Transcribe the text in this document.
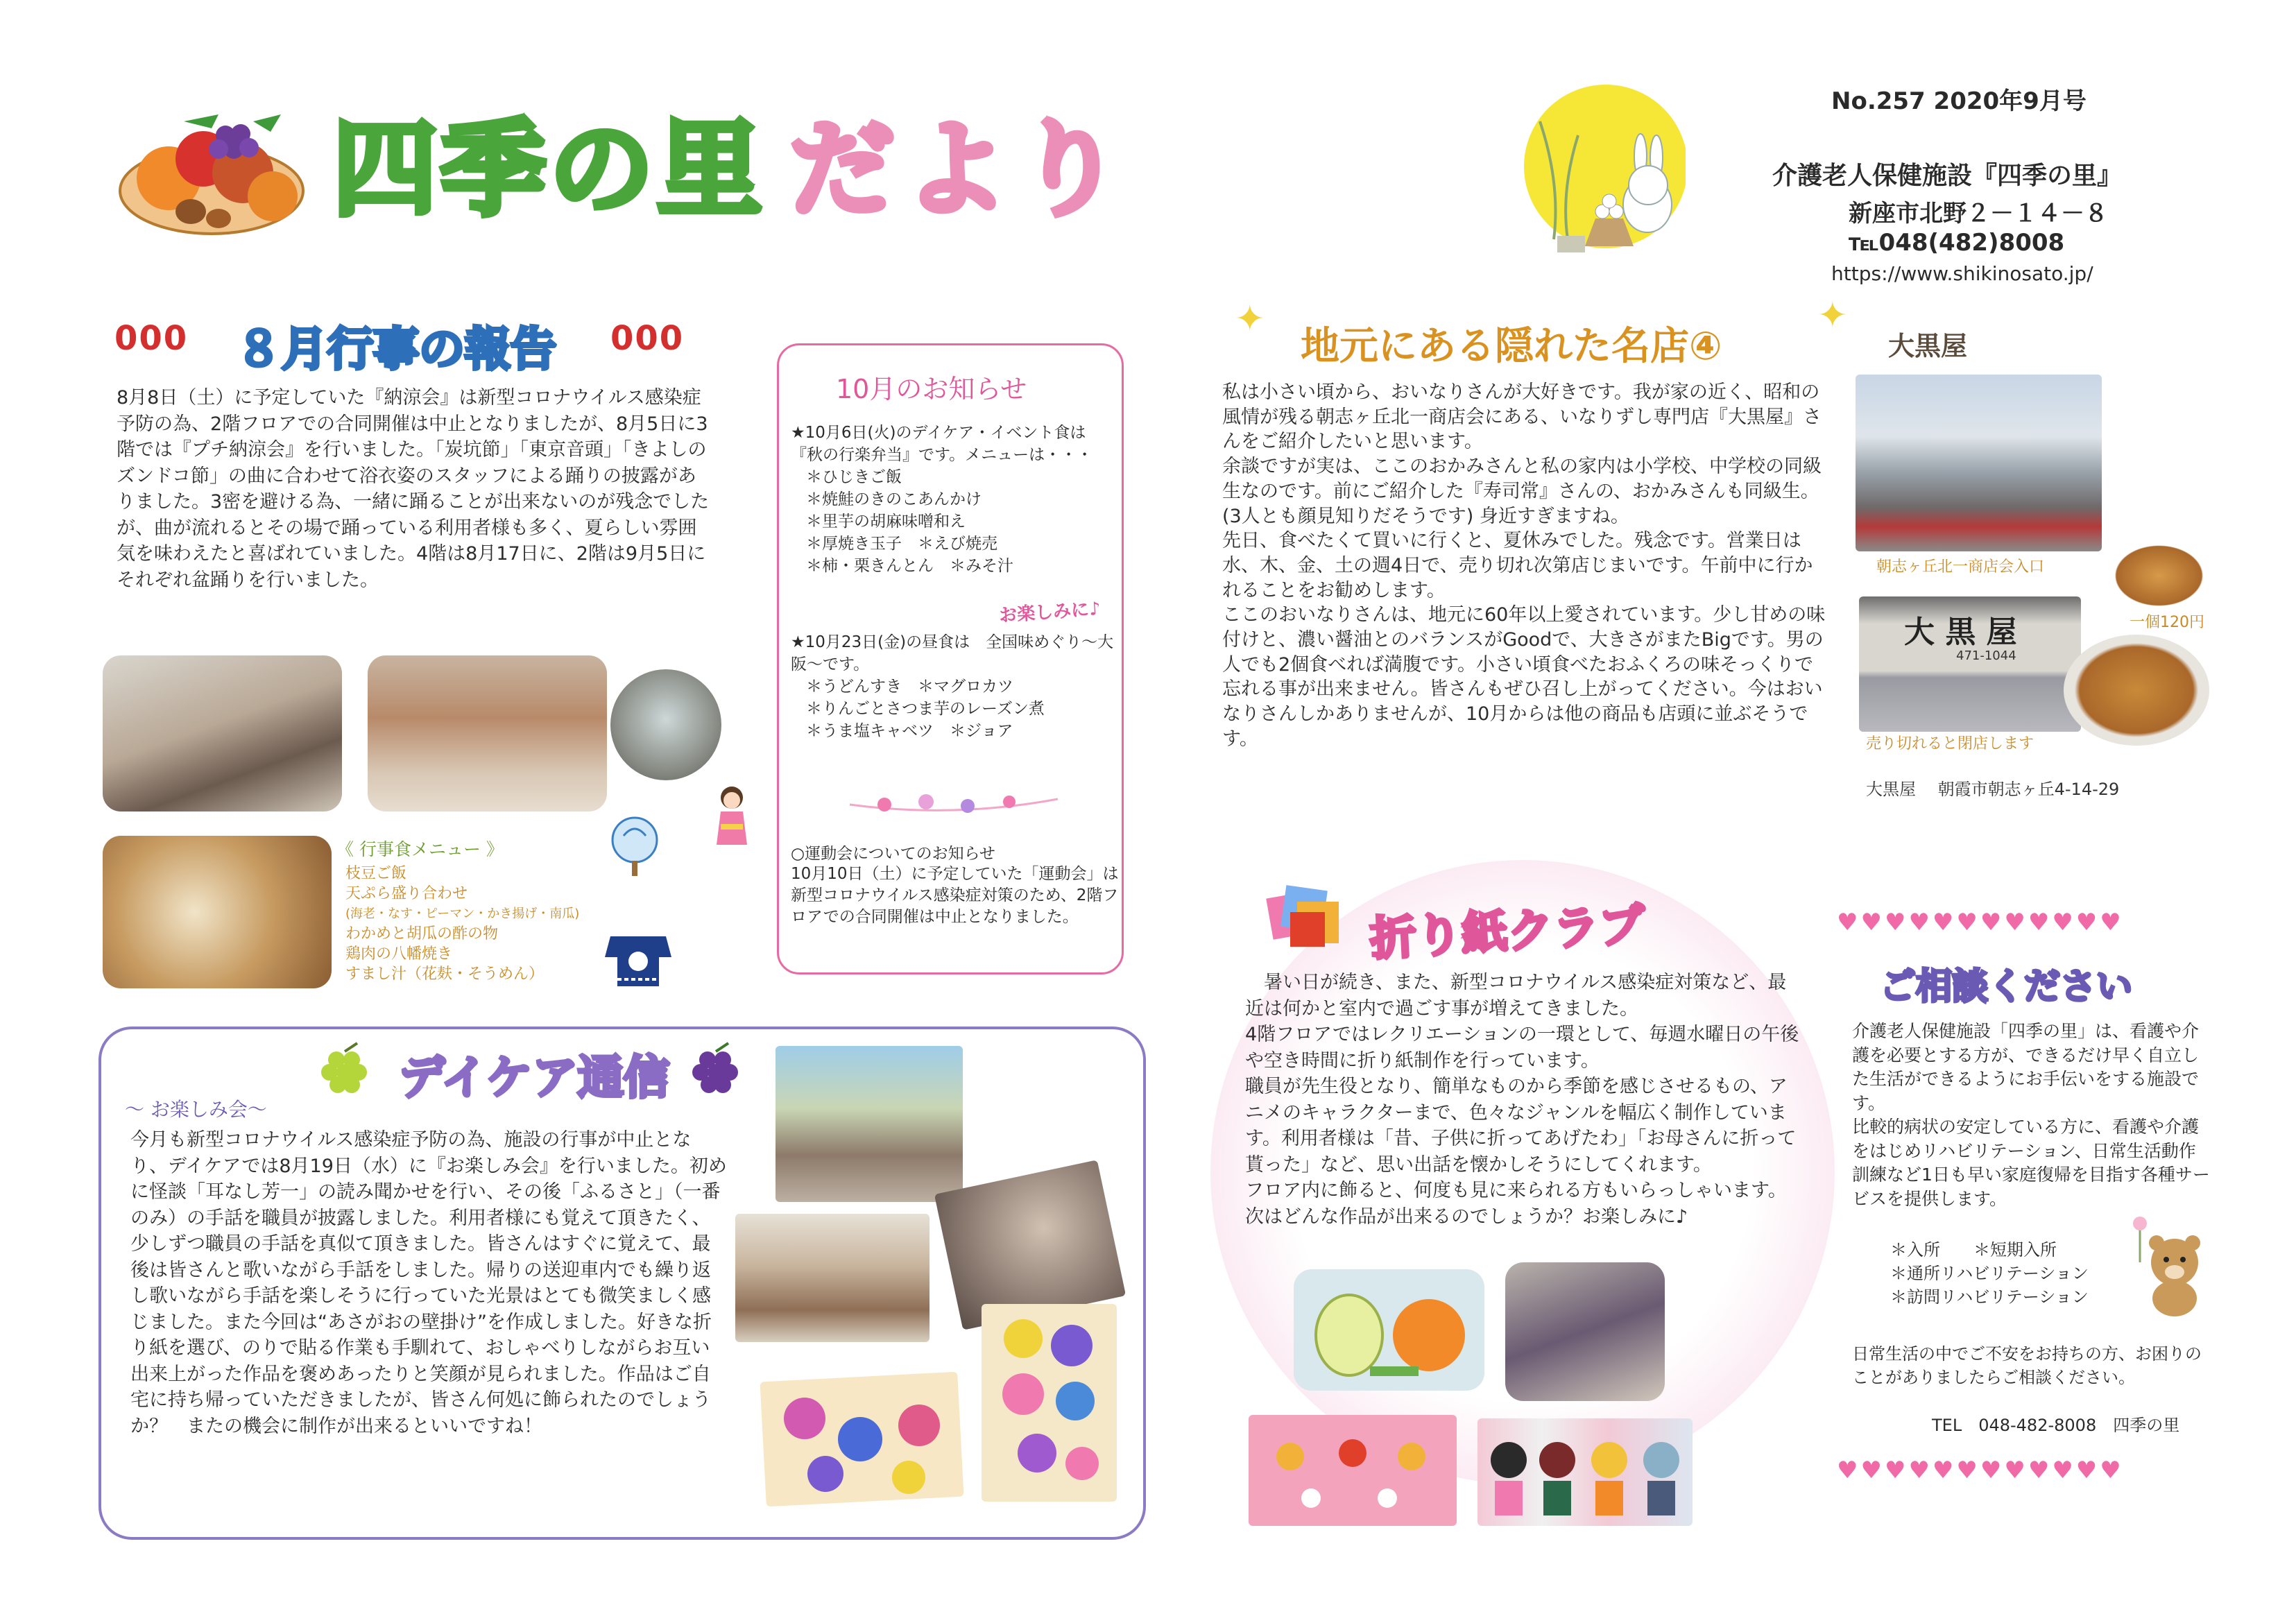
四季の里 だより
No.257 2020年9月号
介護老人保健施設『四季の里』
新座市北野２－１４－８
℡048(482)8008
https://www.shikinosato.jp/
000 ８月行事の報告 000
8月8日（土）に予定していた『納涼会』は新型コロナウイルス感染症予防の為、2階フロアでの合同開催は中止となりましたが、8月5日に3階では『プチ納涼会』を行いました。「炭坑節」「東京音頭」「きよしのズンドコ節」の曲に合わせて浴衣姿のスタッフによる踊りの披露がありました。3密を避ける為、一緒に踊ることが出来ないのが残念でしたが、曲が流れるとその場で踊っている利用者様も多く、夏らしい雰囲気を味わえたと喜ばれていました。4階は8月17日に、2階は9月5日にそれぞれ盆踊りを行いました。
《 行事食メニュー 》
枝豆ご飯
天ぷら盛り合わせ
(海老・なす・ピーマン・かき揚げ・南瓜)
わかめと胡瓜の酢の物
鶏肉の八幡焼き
すまし汁（花麸・そうめん）
10月のお知らせ
★10月6日(火)のデイケア・イベント食は『秋の行楽弁当』です。メニューは・・・
＊ひじきご飯
＊焼鮭のきのこあんかけ
＊里芋の胡麻味噌和え
＊厚焼き玉子　＊えび焼売
＊柿・栗きんとん　＊みそ汁
お楽しみに♪
★10月23日(金)の昼食は　全国味めぐり～大阪～です。
＊うどんすき　＊マグロカツ
＊りんごとさつま芋のレーズン煮
＊うま塩キャベツ　＊ジョア
○運動会についてのお知らせ
10月10日（土）に予定していた「運動会」は新型コロナウイルス感染症対策のため、2階フロアでの合同開催は中止となりました。
デイケア通信
～ お楽しみ会～
今月も新型コロナウイルス感染症予防の為、施設の行事が中止となり、デイケアでは8月19日（水）に『お楽しみ会』を行いました。初めに怪談「耳なし芳一」の読み聞かせを行い、その後「ふるさと」（一番のみ）の手話を職員が披露しました。利用者様にも覚えて頂きたく、少しずつ職員の手話を真似て頂きました。皆さんはすぐに覚えて、最後は皆さんと歌いながら手話をしました。帰りの送迎車内でも繰り返し歌いながら手話を楽しそうに行っていた光景はとても微笑ましく感じました。また今回は“あさがおの壁掛け”を作成しました。好きな折り紙を選び、のりで貼る作業も手馴れて、おしゃべりしながらお互い出来上がった作品を褒めあったりと笑顔が見られました。作品はご自宅に持ち帰っていただきましたが、皆さん何処に飾られたのでしょうか？　またの機会に制作が出来るといいですね！
✦
地元にある隠れた名店④
✦
大黒屋
私は小さい頃から、おいなりさんが大好きです。我が家の近く、昭和の風情が残る朝志ヶ丘北一商店会にある、いなりずし専門店『大黒屋』さんをご紹介したいと思います。
余談ですが実は、ここのおかみさんと私の家内は小学校、中学校の同級生なのです。前にご紹介した『寿司常』さんの、おかみさんも同級生。(3人とも顔見知りだそうです) 身近すぎますね。
先日、食べたくて買いに行くと、夏休みでした。残念です。営業日は水、木、金、土の週4日で、売り切れ次第店じまいです。午前中に行かれることをお勧めします。
ここのおいなりさんは、地元に60年以上愛されています。少し甘めの味付けと、濃い醤油とのバランスがGoodで、大きさがまたBigです。男の人でも2個食べれば満腹です。小さい頃食べたおふくろの味そっくりで忘れる事が出来ません。皆さんもぜひ召し上がってください。今はおいなりさんしかありませんが、10月からは他の商品も店頭に並ぶそうです。
朝志ヶ丘北一商店会入口
一個120円
大 黒 屋
471-1044
売り切れると閉店します
大黒屋　 朝霞市朝志ヶ丘4-14-29
折り紙クラブ
　暑い日が続き、また、新型コロナウイルス感染症対策など、最近は何かと室内で過ごす事が増えてきました。
4階フロアではレクリエーションの一環として、毎週水曜日の午後や空き時間に折り紙制作を行っています。
職員が先生役となり、簡単なものから季節を感じさせるもの、アニメのキャラクターまで、色々なジャンルを幅広く制作しています。利用者様は「昔、子供に折ってあげたわ」「お母さんに折って貰った」など、思い出話を懐かしそうにしてくれます。
フロア内に飾ると、何度も見に来られる方もいらっしゃいます。
次はどんな作品が出来るのでしょうか？お楽しみに♪
♥♥♥♥♥♥♥♥♥♥♥♥
ご相談ください
介護老人保健施設「四季の里」は、看護や介護を必要とする方が、できるだけ早く自立した生活ができるようにお手伝いをする施設です。
比較的病状の安定している方に、看護や介護をはじめリハビリテーション、日常生活動作訓練など1日も早い家庭復帰を目指す各種サービスを提供します。
＊入所　　＊短期入所
＊通所リハビリテーション
＊訪問リハビリテーション
日常生活の中でご不安をお持ちの方、お困りのことがありましたらご相談ください。
TEL　048-482-8008　四季の里
♥♥♥♥♥♥♥♥♥♥♥♥
